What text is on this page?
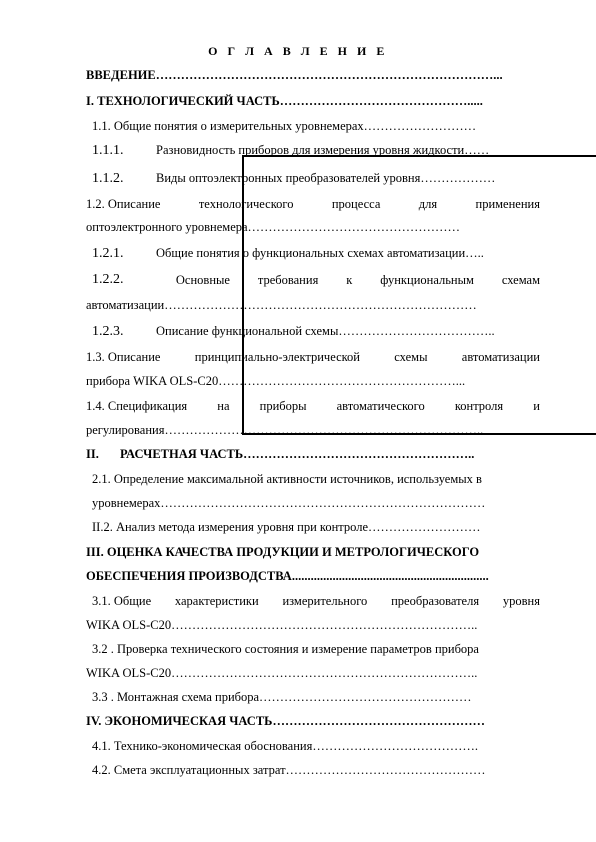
О Г Л А В Л Е Н И Е
ВВЕДЕНИЕ………………………………………………………………………...
I. ТЕХНОЛОГИЧЕСКИЙ ЧАСТЬ……………………………………….....
1.1. Общие понятия о измерительных уровнемерах………………………
1.1.1.	Разновидность приборов для измерения уровня жидкости……
1.1.2.	Виды оптоэлектронных преобразователей уровня………………
1.2. Описание	технологического	процесса	для	применения
оптоэлектронного уровнемера……………………………………………
1.2.1.	Общие понятия о функциональных схемах автоматизации…..
1.2.2.	Основные требования к функциональным схемам
автоматизации…………………………………………………………………
1.2.3.	Описание функциональной схемы………………………………..
1.3. Описание	принципиально-электрической	схемы	автоматизации
прибора WIKA OLS-C20…………………………………………………...
1.4. Спецификация на приборы автоматического контроля и
регулирования…………………………………………………………………..
II. РАСЧЕТНАЯ ЧАСТЬ………………………………………………..
2.1. Определение максимальной активности источников, используемых в
уровнемерах……………………………………………………………………
II.2. Анализ метода измерения уровня при контроле………………………
III. ОЦЕНКА КАЧЕСТВА ПРОДУКЦИИ И МЕТРОЛОГИЧЕСКОГО
ОБЕСПЕЧЕНИЯ ПРОИЗВОДСТВА...............................................................
3.1. Общие характеристики измерительного преобразователя уровня
WIKA OLS-C20………………………………………………………………..
3.2 . Проверка технического состояния и измерение параметров прибора
WIKA OLS-C20………………………………………………………………..
3.3 . Монтажная схема прибора……………………………………………
IV. ЭКОНОМИЧЕСКАЯ ЧАСТЬ……………………………………………
4.1. Технико-экономическая обоснования………………………………….
4.2. Смета эксплуатационных затрат…………………………………………
